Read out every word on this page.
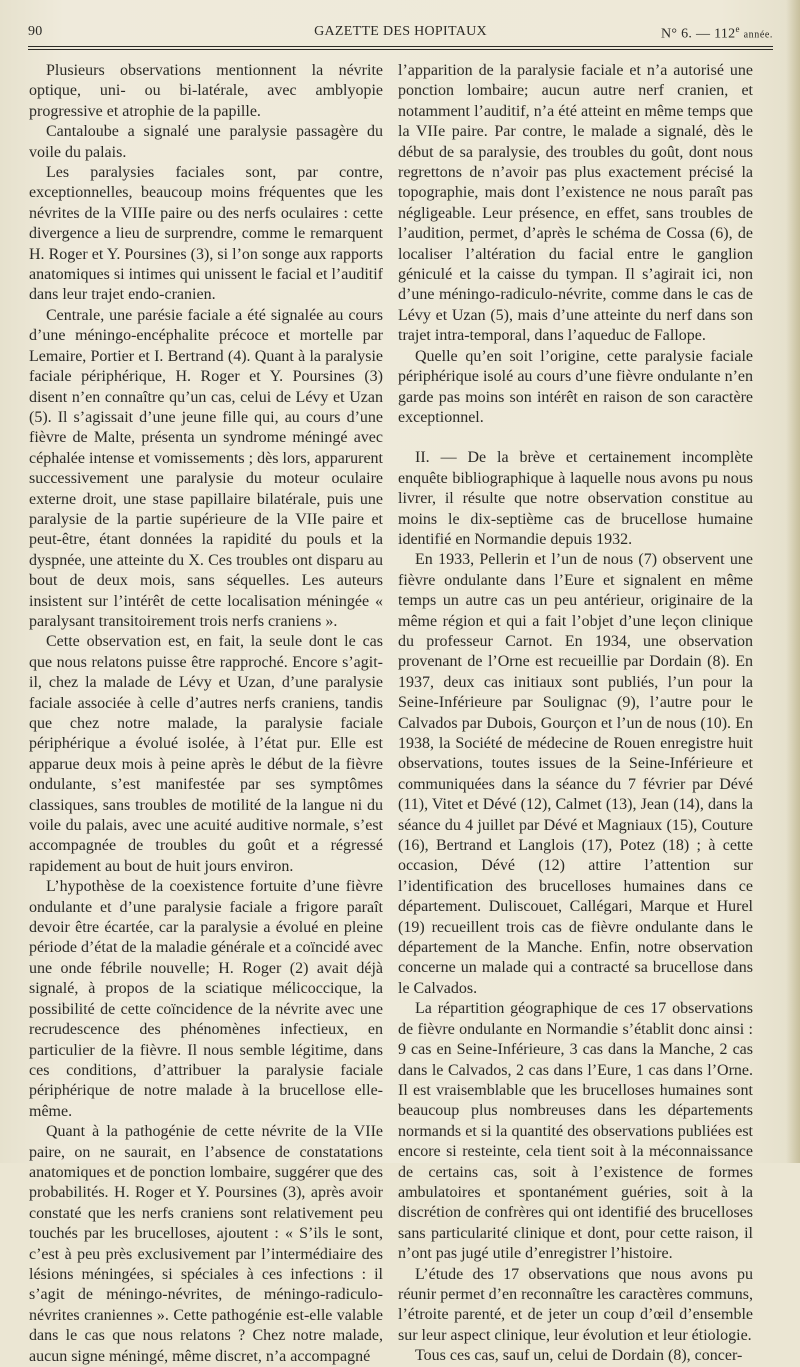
90	GAZETTE DES HOPITAUX	N° 6. — 112e année.

Plusieurs observations mentionnent la névrite optique, uni- ou bi-latérale, avec amblyopie progressive et atrophie de la papille.

Cantaloube a signalé une paralysie passagère du voile du palais.

Les paralysies faciales sont, par contre, exceptionnelles, beaucoup moins fréquentes que les névrites de la VIIIe paire ou des nerfs oculaires : cette divergence a lieu de surprendre, comme le remarquent H. Roger et Y. Poursines (3), si l’on songe aux rapports anatomiques si intimes qui unissent le facial et l’auditif dans leur trajet endo-cranien.

Centrale, une parésie faciale a été signalée au cours d’une méningo-encéphalite précoce et mortelle par Lemaire, Portier et I. Bertrand (4). Quant à la paralysie faciale périphérique, H. Roger et Y. Poursines (3) disent n’en connaître qu’un cas, celui de Lévy et Uzan (5). Il s’agissait d’une jeune fille qui, au cours d’une fièvre de Malte, présenta un syndrome méningé avec céphalée intense et vomissements ; dès lors, apparurent successivement une paralysie du moteur oculaire externe droit, une stase papillaire bilatérale, puis une paralysie de la partie supérieure de la VIIe paire et peut-être, étant données la rapidité du pouls et la dyspnée, une atteinte du X. Ces troubles ont disparu au bout de deux mois, sans séquelles. Les auteurs insistent sur l’intérêt de cette localisation méningée « paralysant transitoirement trois nerfs craniens ».

Cette observation est, en fait, la seule dont le cas que nous relatons puisse être rapproché. Encore s’agit-il, chez la malade de Lévy et Uzan, d’une paralysie faciale associée à celle d’autres nerfs craniens, tandis que chez notre malade, la paralysie faciale périphérique a évolué isolée, à l’état pur. Elle est apparue deux mois à peine après le début de la fièvre ondulante, s’est manifestée par ses symptômes classiques, sans troubles de motilité de la langue ni du voile du palais, avec une acuité auditive normale, s’est accompagnée de troubles du goût et a régressé rapidement au bout de huit jours environ.

L’hypothèse de la coexistence fortuite d’une fièvre ondulante et d’une paralysie faciale a frigore paraît devoir être écartée, car la paralysie a évolué en pleine période d’état de la maladie générale et a coïncidé avec une onde fébrile nouvelle; H. Roger (2) avait déjà signalé, à propos de la sciatique mélicoccique, la possibilité de cette coïncidence de la névrite avec une recrudescence des phénomènes infectieux, en particulier de la fièvre. Il nous semble légitime, dans ces conditions, d’attribuer la paralysie faciale périphérique de notre malade à la brucellose elle-même.

Quant à la pathogénie de cette névrite de la VIIe paire, on ne saurait, en l’absence de constatations anatomiques et de ponction lombaire, suggérer que des probabilités. H. Roger et Y. Poursines (3), après avoir constaté que les nerfs craniens sont relativement peu touchés par les brucelloses, ajoutent : « S’ils le sont, c’est à peu près exclusivement par l’intermédiaire des lésions méningées, si spéciales à ces infections : il s’agit de méningo-névrites, de méningo-radiculo-névrites craniennes ». Cette pathogénie est-elle valable dans le cas que nous relatons ? Chez notre malade, aucun signe méningé, même discret, n’a accompagné

l’apparition de la paralysie faciale et n’a autorisé une ponction lombaire; aucun autre nerf cranien, et notamment l’auditif, n’a été atteint en même temps que la VIIe paire. Par contre, le malade a signalé, dès le début de sa paralysie, des troubles du goût, dont nous regrettons de n’avoir pas plus exactement précisé la topographie, mais dont l’existence ne nous paraît pas négligeable. Leur présence, en effet, sans troubles de l’audition, permet, d’après le schéma de Cossa (6), de localiser l’altération du facial entre le ganglion géniculé et la caisse du tympan. Il s’agirait ici, non d’une méningo-radiculo-névrite, comme dans le cas de Lévy et Uzan (5), mais d’une atteinte du nerf dans son trajet intra-temporal, dans l’aqueduc de Fallope.

Quelle qu’en soit l’origine, cette paralysie faciale périphérique isolé au cours d’une fièvre ondulante n’en garde pas moins son intérêt en raison de son caractère exceptionnel.

II. — De la brève et certainement incomplète enquête bibliographique à laquelle nous avons pu nous livrer, il résulte que notre observation constitue au moins le dix-septième cas de brucellose humaine identifié en Normandie depuis 1932.

En 1933, Pellerin et l’un de nous (7) observent une fièvre ondulante dans l’Eure et signalent en même temps un autre cas un peu antérieur, originaire de la même région et qui a fait l’objet d’une leçon clinique du professeur Carnot. En 1934, une observation provenant de l’Orne est recueillie par Dordain (8). En 1937, deux cas initiaux sont publiés, l’un pour la Seine-Inférieure par Soulignac (9), l’autre pour le Calvados par Dubois, Gourçon et l’un de nous (10). En 1938, la Société de médecine de Rouen enregistre huit observations, toutes issues de la Seine-Inférieure et communiquées dans la séance du 7 février par Dévé (11), Vitet et Dévé (12), Calmet (13), Jean (14), dans la séance du 4 juillet par Dévé et Magniaux (15), Couture (16), Bertrand et Langlois (17), Potez (18) ; à cette occasion, Dévé (12) attire l’attention sur l’identification des brucelloses humaines dans ce département. Duliscouet, Callégari, Marque et Hurel (19) recueillent trois cas de fièvre ondulante dans le département de la Manche. Enfin, notre observation concerne un malade qui a contracté sa brucellose dans le Calvados.

La répartition géographique de ces 17 observations de fièvre ondulante en Normandie s’établit donc ainsi : 9 cas en Seine-Inférieure, 3 cas dans la Manche, 2 cas dans le Calvados, 2 cas dans l’Eure, 1 cas dans l’Orne. Il est vraisemblable que les brucelloses humaines sont beaucoup plus nombreuses dans les départements normands et si la quantité des observations publiées est encore si resteinte, cela tient soit à la méconnaissance de certains cas, soit à l’existence de formes ambulatoires et spontanément guéries, soit à la discrétion de confrères qui ont identifié des brucelloses sans particularité clinique et dont, pour cette raison, il n’ont pas jugé utile d’enregistrer l’histoire.

L’étude des 17 observations que nous avons pu réunir permet d’en reconnaître les caractères communs, l’étroite parenté, et de jeter un coup d’œil d’ensemble sur leur aspect clinique, leur évolution et leur étiologie.

Tous ces cas, sauf un, celui de Dordain (8), concer-
